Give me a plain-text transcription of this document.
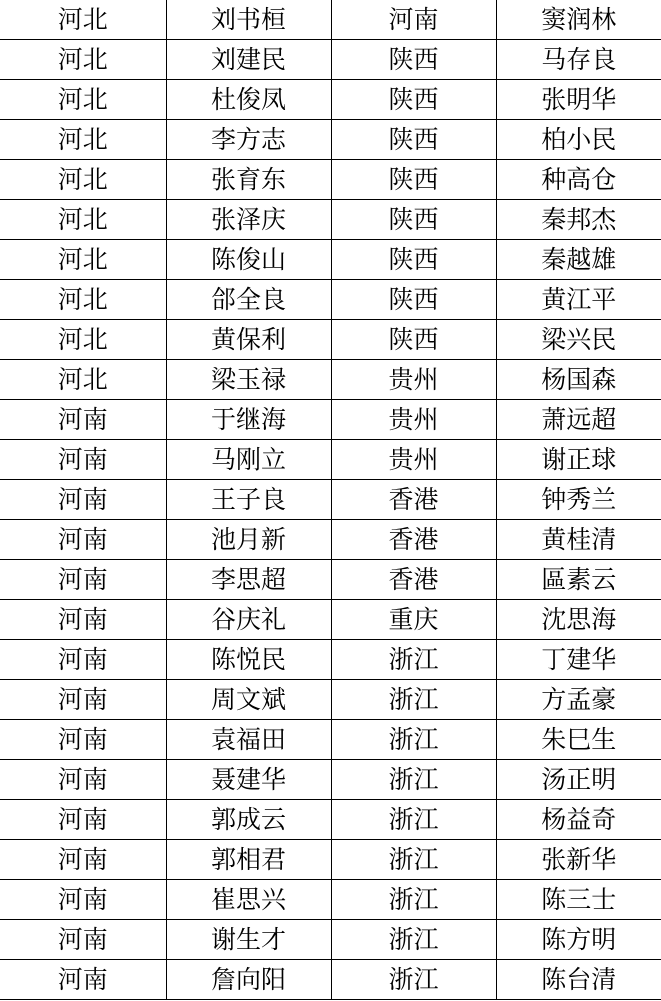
河北	刘书桓	河南	窦润林
河北	刘建民	陕西	马存良
河北	杜俊凤	陕西	张明华
河北	李方志	陕西	柏小民
河北	张育东	陕西	种高仓
河北	张泽庆	陕西	秦邦杰
河北	陈俊山	陕西	秦越雄
河北	郃全良	陕西	黄江平
河北	黄保利	陕西	梁兴民
河北	梁玉禄	贵州	杨国森
河南	于继海	贵州	萧远超
河南	马刚立	贵州	谢正球
河南	王子良	香港	钟秀兰
河南	池月新	香港	黄桂清
河南	李思超	香港	區素云
河南	谷庆礼	重庆	沈思海
河南	陈悦民	浙江	丁建华
河南	周文斌	浙江	方孟豪
河南	袁福田	浙江	朱巳生
河南	聂建华	浙江	汤正明
河南	郭成云	浙江	杨益奇
河南	郭相君	浙江	张新华
河南	崔思兴	浙江	陈三士
河南	谢生才	浙江	陈方明
河南	詹向阳	浙江	陈台清
